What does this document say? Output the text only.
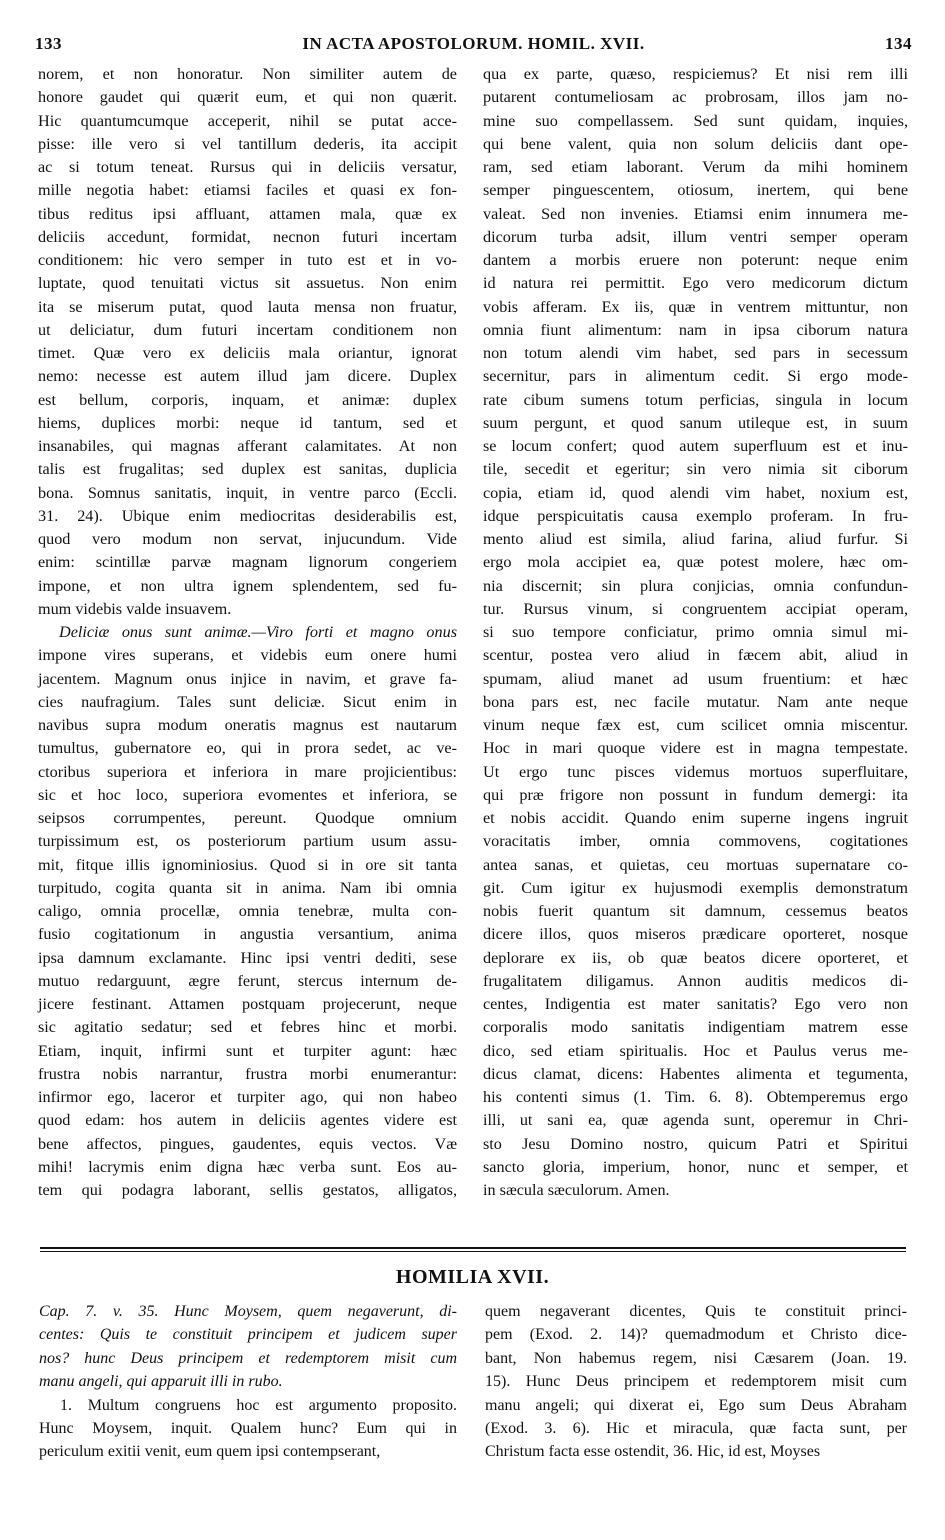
133	IN ACTA APOSTOLORUM. HOMIL. XVII.	134
norem, et non honoratur. Non similiter autem de
honore gaudet qui quærit eum, et qui non quærit.
Hic quantumcumque acceperit, nihil se putat acce-
pisse: ille vero si vel tantillum dederis, ita accipit
ac si totum teneat. Rursus qui in deliciis versatur,
mille negotia habet: etiamsi faciles et quasi ex fon-
tibus reditus ipsi affluant, attamen mala, quæ ex
deliciis accedunt, formidat, necnon futuri incertam
conditionem: hic vero semper in tuto est et in vo-
luptate, quod tenuitati victus sit assuetus. Non enim
ita se miserum putat, quod lauta mensa non fruatur,
ut deliciatur, dum futuri incertam conditionem non
timet. Quæ vero ex deliciis mala oriantur, ignorat
nemo: necesse est autem illud jam dicere. Duplex
est bellum, corporis, inquam, et animæ: duplex
hiems, duplices morbi: neque id tantum, sed et
insanabiles, qui magnas afferant calamitates. At non
talis est frugalitas; sed duplex est sanitas, duplicia
bona. Somnus sanitatis, inquit, in ventre parco (Eccli.
31. 24). Ubique enim mediocritas desiderabilis est,
quod vero modum non servat, injucundum. Vide
enim: scintillæ parvæ magnam lignorum congeriem
impone, et non ultra ignem splendentem, sed fu-
mum videbis valde insuavem.
Deliciæ onus sunt animæ.—Viro forti et magno onus
impone vires superans, et videbis eum onere humi
jacentem. Magnum onus injice in navim, et grave fa-
cies naufragium. Tales sunt deliciæ. Sicut enim in
navibus supra modum oneratis magnus est nautarum
tumultus, gubernatore eo, qui in prora sedet, ac ve-
ctoribus superiora et inferiora in mare projicientibus:
sic et hoc loco, superiora evomentes et inferiora, se
seipsos corrumpentes, pereunt. Quodque omnium
turpissimum est, os posteriorum partium usum assu-
mit, fitque illis ignominiosius. Quod si in ore sit tanta
turpitudo, cogita quanta sit in anima. Nam ibi omnia
caligo, omnia procellæ, omnia tenebræ, multa con-
fusio cogitationum in angustia versantium, anima
ipsa damnum exclamante. Hinc ipsi ventri dediti, sese
mutuo redarguunt, ægre ferunt, stercus internum de-
jicere festinant. Attamen postquam projecerunt, neque
sic agitatio sedatur; sed et febres hinc et morbi.
Etiam, inquit, infirmi sunt et turpiter agunt: hæc
frustra nobis narrantur, frustra morbi enumerantur:
infirmor ego, laceror et turpiter ago, qui non habeo
quod edam: hos autem in deliciis agentes videre est
bene affectos, pingues, gaudentes, equis vectos. Væ
mihi! lacrymis enim digna hæc verba sunt. Eos au-
tem qui podagra laborant, sellis gestatos, alligatos,
qua ex parte, quæso, respiciemus? Et nisi rem illi
putarent contumeliosam ac probrosam, illos jam no-
mine suo compellassem. Sed sunt quidam, inquies,
qui bene valent, quia non solum deliciis dant ope-
ram, sed etiam laborant. Verum da mihi hominem
semper pinguescentem, otiosum, inertem, qui bene
valeat. Sed non invenies. Etiamsi enim innumera me-
dicorum turba adsit, illum ventri semper operam
dantem a morbis eruere non poterunt: neque enim
id natura rei permittit. Ego vero medicorum dictum
vobis afferam. Ex iis, quæ in ventrem mittuntur, non
omnia fiunt alimentum: nam in ipsa ciborum natura
non totum alendi vim habet, sed pars in secessum
secernitur, pars in alimentum cedit. Si ergo mode-
rate cibum sumens totum perficias, singula in locum
suum pergunt, et quod sanum utileque est, in suum
se locum confert; quod autem superfluum est et inu-
tile, secedit et egeritur; sin vero nimia sit ciborum
copia, etiam id, quod alendi vim habet, noxium est,
idque perspicuitatis causa exemplo proferam. In fru-
mento aliud est simila, aliud farina, aliud furfur. Si
ergo mola accipiet ea, quæ potest molere, hæc om-
nia discernit; sin plura conjicias, omnia confundun-
tur. Rursus vinum, si congruentem accipiat operam,
si suo tempore conficiatur, primo omnia simul mi-
scentur, postea vero aliud in fæcem abit, aliud in
spumam, aliud manet ad usum fruentium: et hæc
bona pars est, nec facile mutatur. Nam ante neque
vinum neque fæx est, cum scilicet omnia miscentur.
Hoc in mari quoque videre est in magna tempestate.
Ut ergo tunc pisces videmus mortuos superfluitare,
qui præ frigore non possunt in fundum demergi: ita
et nobis accidit. Quando enim superne ingens ingruit
voracitatis imber, omnia commovens, cogitationes
antea sanas, et quietas, ceu mortuas supernatare co-
git. Cum igitur ex hujusmodi exemplis demonstratum
nobis fuerit quantum sit damnum, cessemus beatos
dicere illos, quos miseros prædicare oporteret, nosque
deplorare ex iis, ob quæ beatos dicere oporteret, et
frugalitatem diligamus. Annon auditis medicos di-
centes, Indigentia est mater sanitatis? Ego vero non
corporalis modo sanitatis indigentiam matrem esse
dico, sed etiam spiritualis. Hoc et Paulus verus me-
dicus clamat, dicens: Habentes alimenta et tegumenta,
his contenti simus (1. Tim. 6. 8). Obtemperemus ergo
illi, ut sani ea, quæ agenda sunt, operemur in Chri-
sto Jesu Domino nostro, quicum Patri et Spiritui
sancto gloria, imperium, honor, nunc et semper, et
in sæcula sæculorum. Amen.
HOMILIA XVII.
Cap. 7. v. 35. Hunc Moysem, quem negaverunt, di-
centes: Quis te constituit principem et judicem super
nos? hunc Deus principem et redemptorem misit cum
manu angeli, qui apparuit illi in rubo.
1. Multum congruens hoc est argumento proposito.
Hunc Moysem, inquit. Qualem hunc? Eum qui in
periculum exitii venit, eum quem ipsi contempserant,
quem negaverant dicentes, Quis te constituit princi-
pem (Exod. 2. 14)? quemadmodum et Christo dice-
bant, Non habemus regem, nisi Cæsarem (Joan. 19.
15). Hunc Deus principem et redemptorem misit cum
manu angeli; qui dixerat ei, Ego sum Deus Abraham
(Exod. 3. 6). Hic et miracula, quæ facta sunt, per
Christum facta esse ostendit, 36. Hic, id est, Moyses
